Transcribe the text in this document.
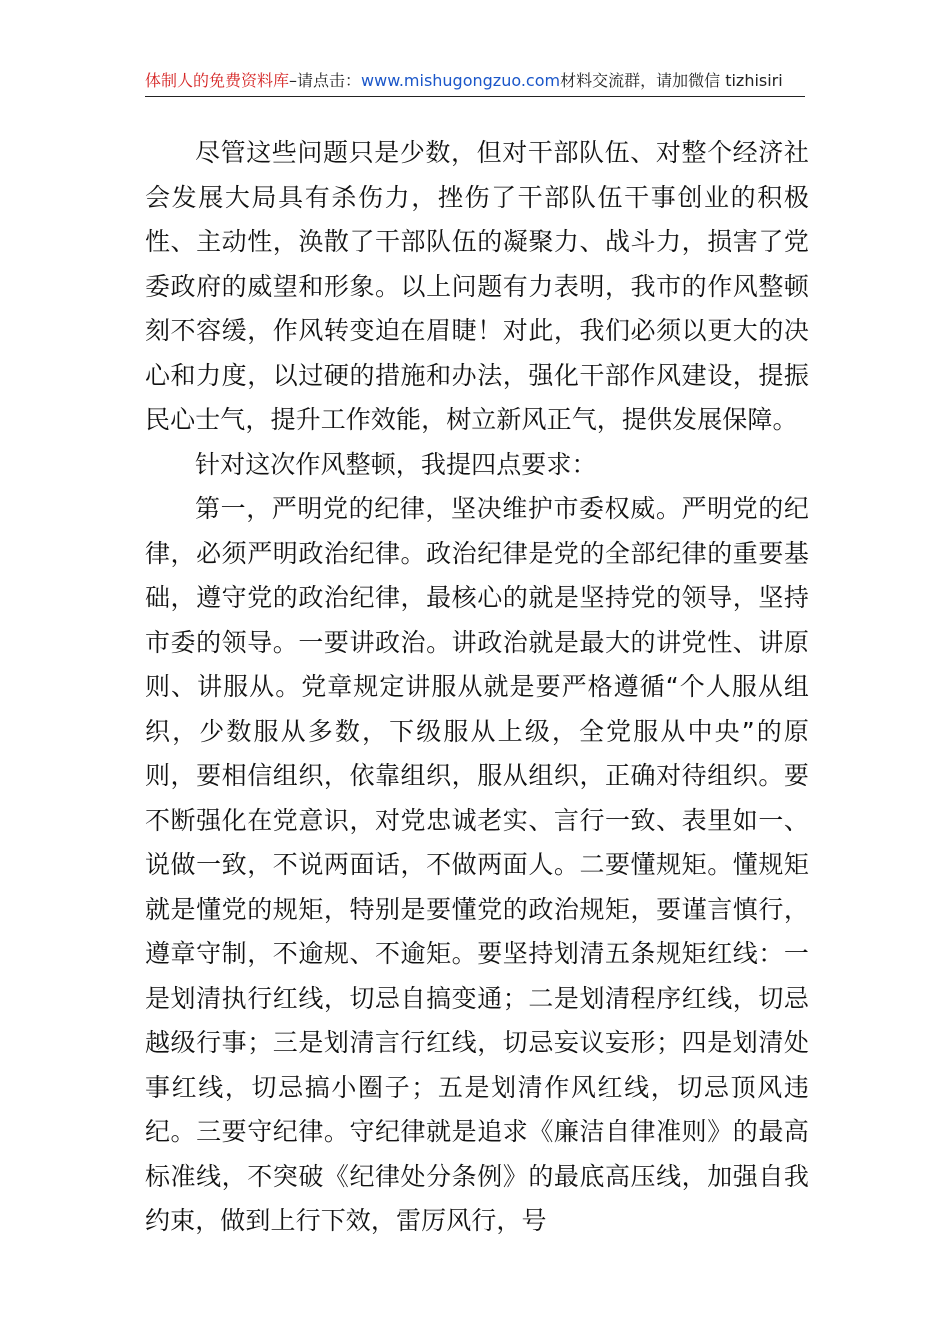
体制人的免费资料库–请点击：www.mishugongzuo.com材料交流群，请加微信 tizhisiri

尽管这些问题只是少数，但对干部队伍、对整个经济社会发展大局具有杀伤力，挫伤了干部队伍干事创业的积极性、主动性，涣散了干部队伍的凝聚力、战斗力，损害了党委政府的威望和形象。以上问题有力表明，我市的作风整顿刻不容缓，作风转变迫在眉睫！对此，我们必须以更大的决心和力度，以过硬的措施和办法，强化干部作风建设，提振民心士气，提升工作效能，树立新风正气，提供发展保障。

针对这次作风整顿，我提四点要求：

第一，严明党的纪律，坚决维护市委权威。严明党的纪律，必须严明政治纪律。政治纪律是党的全部纪律的重要基础，遵守党的政治纪律，最核心的就是坚持党的领导，坚持市委的领导。一要讲政治。讲政治就是最大的讲党性、讲原则、讲服从。党章规定讲服从就是要严格遵循“个人服从组织，少数服从多数，下级服从上级，全党服从中央”的原则，要相信组织，依靠组织，服从组织，正确对待组织。要不断强化在党意识，对党忠诚老实、言行一致、表里如一、说做一致，不说两面话，不做两面人。二要懂规矩。懂规矩就是懂党的规矩，特别是要懂党的政治规矩，要谨言慎行，遵章守制，不逾规、不逾矩。要坚持划清五条规矩红线：一是划清执行红线，切忌自搞变通；二是划清程序红线，切忌越级行事；三是划清言行红线，切忌妄议妄形；四是划清处事红线，切忌搞小圈子；五是划清作风红线，切忌顶风违纪。三要守纪律。守纪律就是追求《廉洁自律准则》的最高标准线，不突破《纪律处分条例》的最底高压线，加强自我约束，做到上行下效，雷厉风行，号
